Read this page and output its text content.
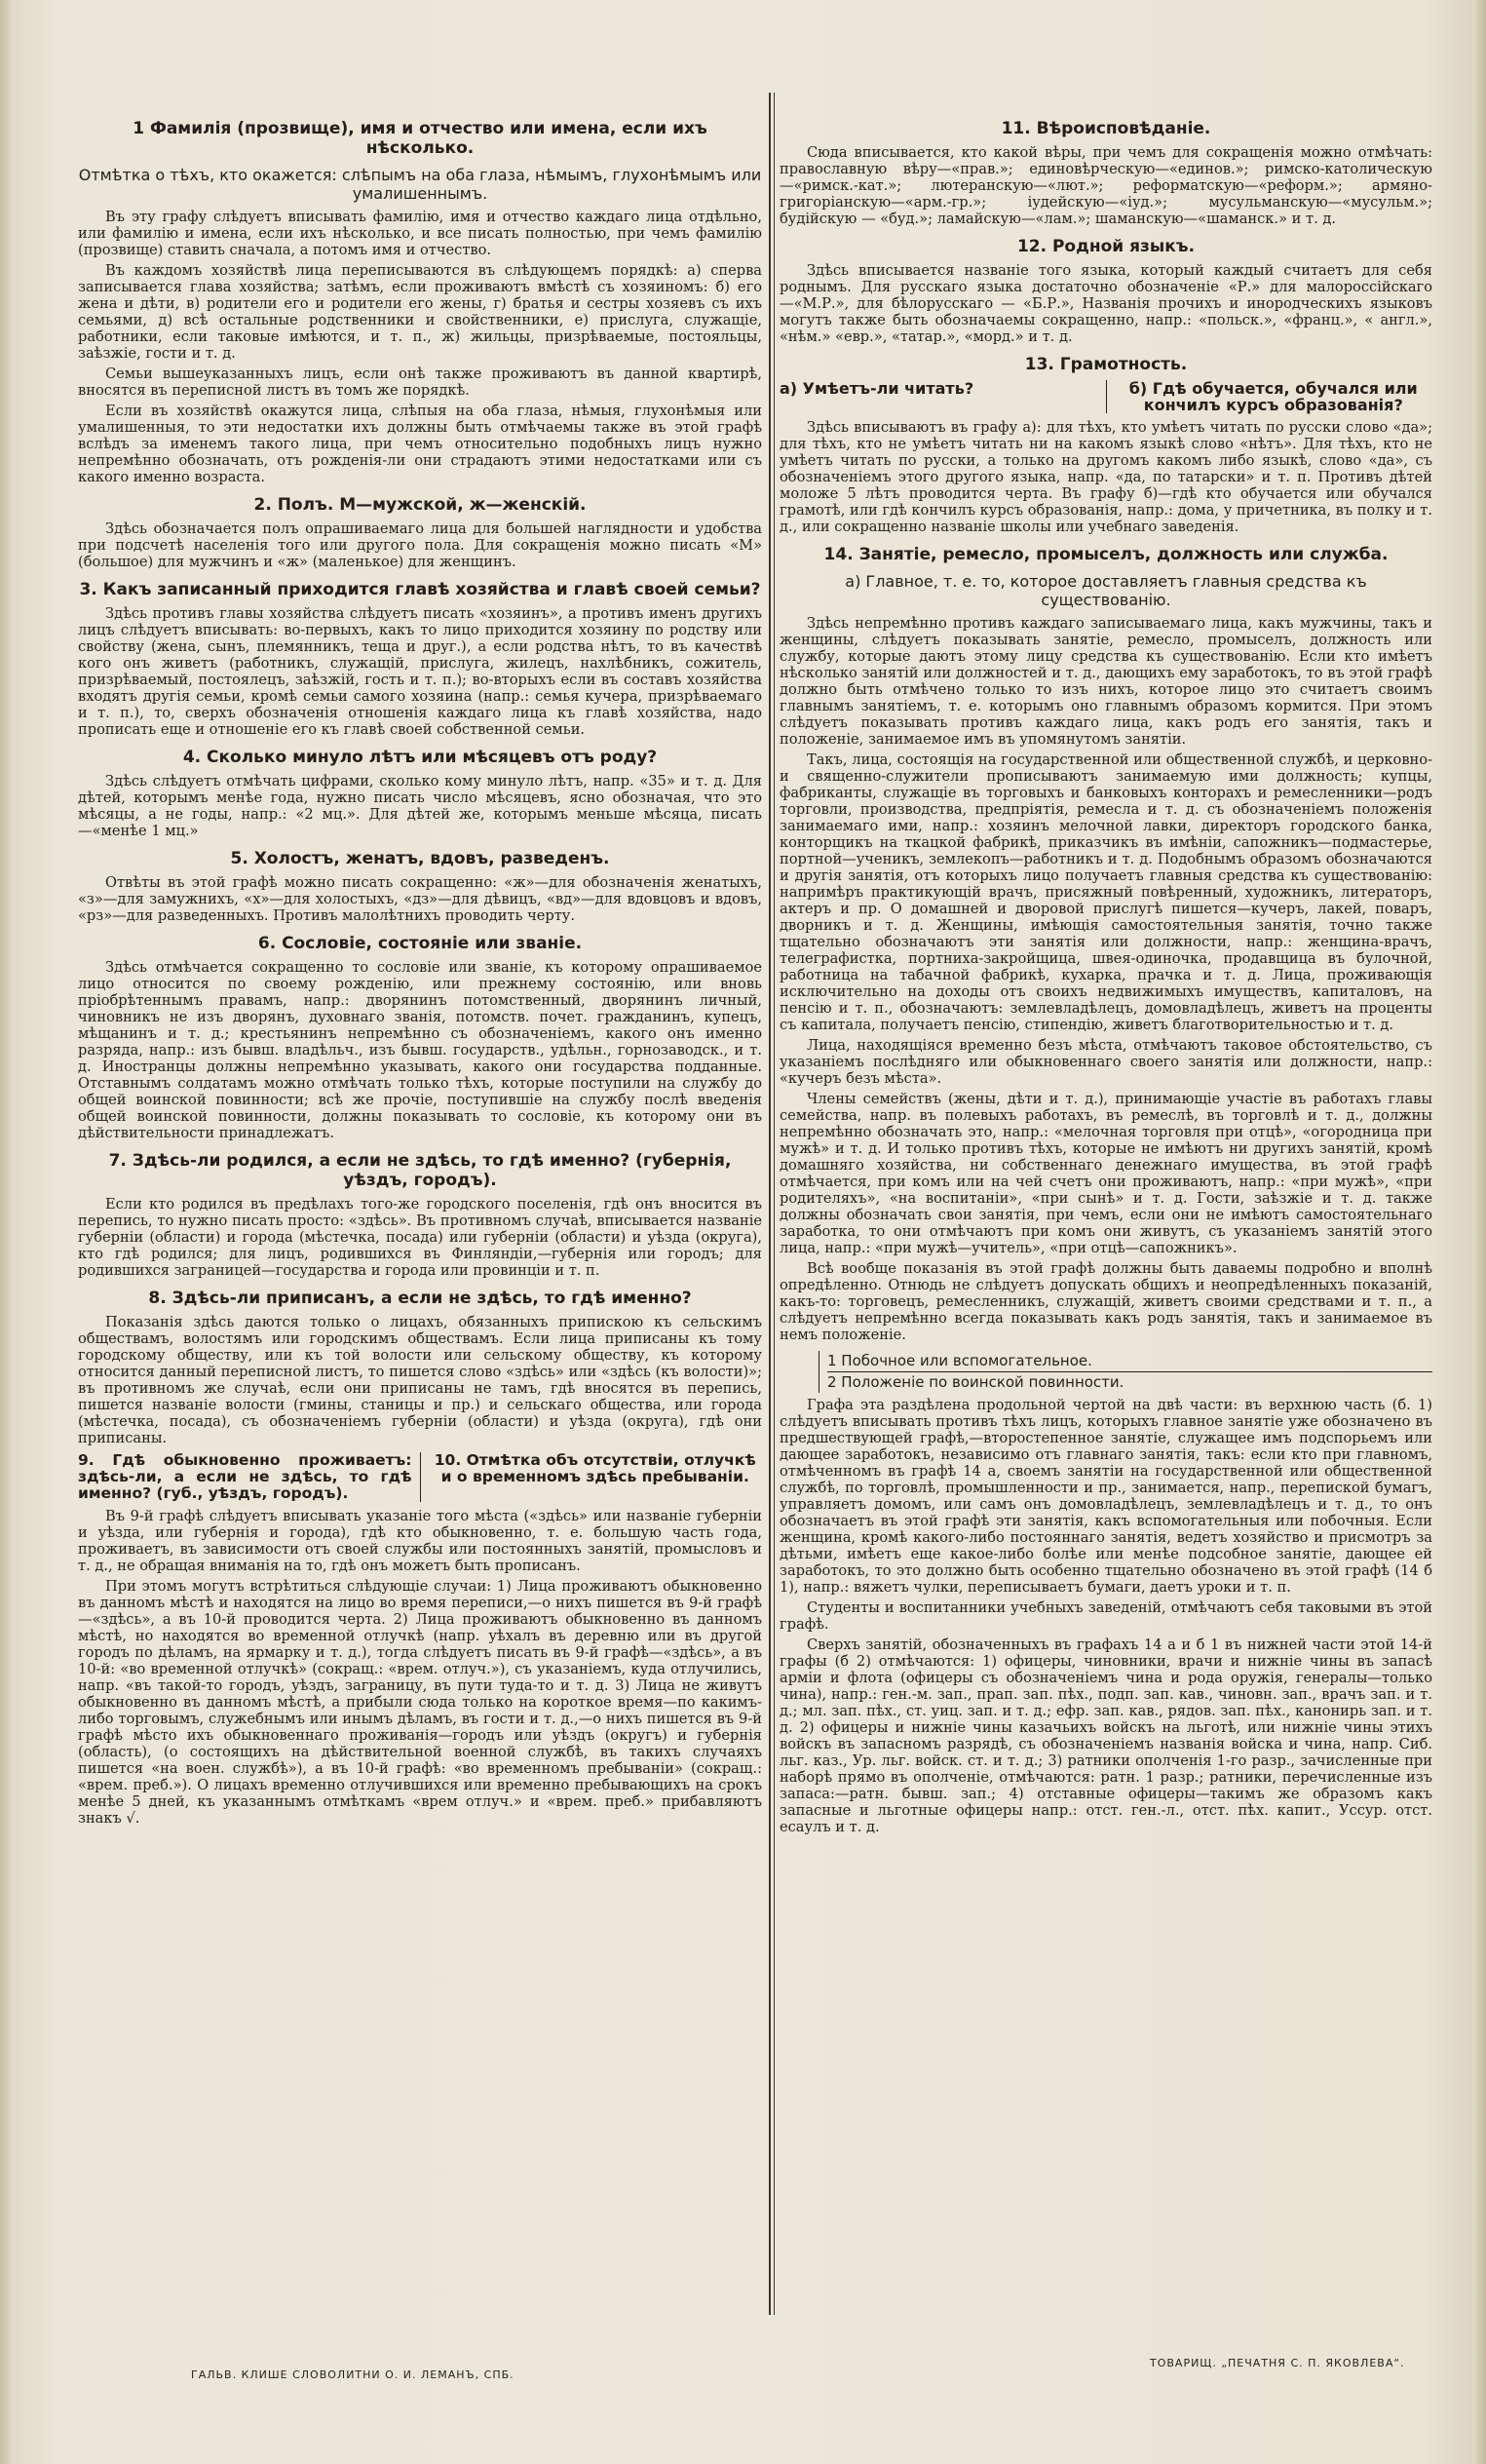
1 Фамилія (прозвище), имя и отчество или имена, если ихъ нѣсколько.
Отмѣтка о тѣхъ, кто окажется: слѣпымъ на оба глаза, нѣмымъ, глухонѣмымъ или умалишеннымъ.

Въ эту графу слѣдуетъ вписывать фамилію, имя и отчество каждаго лица отдѣльно, или фамилію и имена, если ихъ нѣсколько, и все писать полностью, при чемъ фамилію (прозвище) ставить сначала, а потомъ имя и отчество.

Въ каждомъ хозяйствѣ лица переписываются въ слѣдующемъ порядкѣ: а) сперва записывается глава хозяйства; затѣмъ, если проживаютъ вмѣстѣ съ хозяиномъ: б) его жена и дѣти, в) родители его и родители его жены, г) братья и сестры хозяевъ съ ихъ семьями, д) всѣ остальные родственники и свойственники, е) прислуга, служащіе, работники, если таковые имѣются, и т. п., ж) жильцы, призрѣваемые, постояльцы, заѣзжіе, гости и т. д.

Семьи вышеуказанныхъ лицъ, если онѣ также проживаютъ въ данной квартирѣ, вносятся въ переписной листъ въ томъ же порядкѣ.

Если въ хозяйствѣ окажутся лица, слѣпыя на оба глаза, нѣмыя, глухонѣмыя или умалишенныя, то эти недостатки ихъ должны быть отмѣчаемы также въ этой графѣ вслѣдъ за именемъ такого лица, при чемъ относительно подобныхъ лицъ нужно непремѣнно обозначать, отъ рожденія-ли они страдаютъ этими недостатками или съ какого именно возраста.

2. Полъ. М—мужской, ж—женскій.

Здѣсь обозначается полъ опрашиваемаго лица для большей наглядности и удобства при подсчетѣ населенія того или другого пола. Для сокращенія можно писать «М» (большое) для мужчинъ и «ж» (маленькое) для женщинъ.

3. Какъ записанный приходится главѣ хозяйства и главѣ своей семьи?

Здѣсь противъ главы хозяйства слѣдуетъ писать «хозяинъ», а противъ именъ другихъ лицъ слѣдуетъ вписывать: во-первыхъ, какъ то лицо приходится хозяину по родству или свойству (жена, сынъ, племянникъ, теща и друг.), а если родства нѣтъ, то въ качествѣ кого онъ живетъ (работникъ, служащій, прислуга, жилецъ, нахлѣбникъ, сожитель, призрѣваемый, постоялецъ, заѣзжій, гость и т. п.); во-вторыхъ если въ составъ хозяйства входятъ другія семьи, кромѣ семьи самого хозяина (напр.: семья кучера, призрѣваемаго и т. п.), то, сверхъ обозначенія отношенія каждаго лица къ главѣ хозяйства, надо прописать еще и отношеніе его къ главѣ своей собственной семьи.

4. Сколько минуло лѣтъ или мѣсяцевъ отъ роду?

Здѣсь слѣдуетъ отмѣчать цифрами, сколько кому минуло лѣтъ, напр. «35» и т. д. Для дѣтей, которымъ менѣе года, нужно писать число мѣсяцевъ, ясно обозначая, что это мѣсяцы, а не годы, напр.: «2 мц.». Для дѣтей же, которымъ меньше мѣсяца, писать—«менѣе 1 мц.»

5. Холостъ, женатъ, вдовъ, разведенъ.

Отвѣты въ этой графѣ можно писать сокращенно: «ж»—для обозначенія женатыхъ, «з»—для замужнихъ, «х»—для холостыхъ, «дз»—для дѣвицъ, «вд»—для вдовцовъ и вдовъ, «рз»—для разведенныхъ. Противъ малолѣтнихъ проводить черту.

6. Сословіе, состояніе или званіе.

Здѣсь отмѣчается сокращенно то сословіе или званіе, къ которому опрашиваемое лицо относится по своему рожденію, или прежнему состоянію, или вновь пріобрѣтеннымъ правамъ, напр.: дворянинъ потомственный, дворянинъ личный, чиновникъ не изъ дворянъ, духовнаго званія, потомств. почет. гражданинъ, купецъ, мѣщанинъ и т. д.; крестьянинъ непремѣнно съ обозначеніемъ, какого онъ именно разряда, напр.: изъ бывш. владѣльч., изъ бывш. государств., удѣльн., горнозаводск., и т. д. Иностранцы должны непремѣнно указывать, какого они государства подданные. Отставнымъ солдатамъ можно отмѣчать только тѣхъ, которые поступили на службу до общей воинской повинности; всѣ же прочіе, поступившіе на службу послѣ введенія общей воинской повинности, должны показывать то сословіе, къ которому они въ дѣйствительности принадлежатъ.

7. Здѣсь-ли родился, а если не здѣсь, то гдѣ именно? (губернія, уѣздъ, городъ).

Если кто родился въ предѣлахъ того-же городского поселенія, гдѣ онъ вносится въ перепись, то нужно писать просто: «здѣсь». Въ противномъ случаѣ, вписывается названіе губерніи (области) и города (мѣстечка, посада) или губерніи (области) и уѣзда (округа), кто гдѣ родился; для лицъ, родившихся въ Финляндіи,—губернія или городъ; для родившихся заграницей—государства и города или провинціи и т. п.

8. Здѣсь-ли приписанъ, а если не здѣсь, то гдѣ именно?

Показанія здѣсь даются только о лицахъ, обязанныхъ припискою къ сельскимъ обществамъ, волостямъ или городскимъ обществамъ. Если лица приписаны къ тому городскому обществу, или къ той волости или сельскому обществу, къ которому относится данный переписной листъ, то пишется слово «здѣсь» или «здѣсь (къ волости)»; въ противномъ же случаѣ, если они приписаны не тамъ, гдѣ вносятся въ перепись, пишется названіе волости (гмины, станицы и пр.) и сельскаго общества, или города (мѣстечка, посада), съ обозначеніемъ губерніи (области) и уѣзда (округа), гдѣ они приписаны.

9. Гдѣ обыкновенно проживаетъ: здѣсь-ли, а если не здѣсь, то гдѣ именно? (губ., уѣздъ, городъ).
10. Отмѣтка объ отсутствіи, отлучкѣ и о временномъ здѣсь пребываніи.

Въ 9-й графѣ слѣдуетъ вписывать указаніе того мѣста («здѣсь» или названіе губерніи и уѣзда, или губернія и города), гдѣ кто обыкновенно, т. е. большую часть года, проживаетъ, въ зависимости отъ своей службы или постоянныхъ занятій, промысловъ и т. д., не обращая вниманія на то, гдѣ онъ можетъ быть прописанъ.

При этомъ могутъ встрѣтиться слѣдующіе случаи: 1) Лица проживаютъ обыкновенно въ данномъ мѣстѣ и находятся на лицо во время переписи,—о нихъ пишется въ 9-й графѣ—«здѣсь», а въ 10-й проводится черта. 2) Лица проживаютъ обыкновенно въ данномъ мѣстѣ, но находятся во временной отлучкѣ (напр. уѣхалъ въ деревню или въ другой городъ по дѣламъ, на ярмарку и т. д.), тогда слѣдуетъ писать въ 9-й графѣ—«здѣсь», а въ 10-й: «во временной отлучкѣ» (сокращ.: «врем. отлуч.»), съ указаніемъ, куда отлучились, напр. «въ такой-то городъ, уѣздъ, заграницу, въ пути туда-то и т. д. 3) Лица не живутъ обыкновенно въ данномъ мѣстѣ, а прибыли сюда только на короткое время—по какимъ-либо торговымъ, служебнымъ или инымъ дѣламъ, въ гости и т. д.,—о нихъ пишется въ 9-й графѣ мѣсто ихъ обыкновеннаго проживанія—городъ или уѣздъ (округъ) и губернія (область), (о состоящихъ на дѣйствительной военной службѣ, въ такихъ случаяхъ пишется «на воен. службѣ»), а въ 10-й графѣ: «во временномъ пребываніи» (сокращ.: «врем. преб.»). О лицахъ временно отлучившихся или временно пребывающихъ на срокъ менѣе 5 дней, къ указаннымъ отмѣткамъ «врем отлуч.» и «врем. преб.» прибавляютъ знакъ √.

11. Вѣроисповѣданіе.

Сюда вписывается, кто какой вѣры, при чемъ для сокращенія можно отмѣчать: православную вѣру—«прав.»; единовѣрческую—«единов.»; римско-католическую—«римск.-кат.»; лютеранскую—«лют.»; реформатскую—«реформ.»; армяно-григоріанскую—«арм.-гр.»; іудейскую—«іуд.»; мусульманскую—«мусульм.»; будійскую — «буд.»; ламайскую—«лам.»; шаманскую—«шаманск.» и т. д.

12. Родной языкъ.

Здѣсь вписывается названіе того языка, который каждый считаетъ для себя роднымъ. Для русскаго языка достаточно обозначеніе «Р.» для малороссійскаго—«М.Р.», для бѣлорусскаго — «Б.Р.», Названія прочихъ и инородческихъ языковъ могутъ также быть обозначаемы сокращенно, напр.: «польск.», «франц.», « англ.», «нѣм.» «евр.», «татар.», «морд.» и т. д.

13. Грамотность.
а) Умѣетъ-ли читать?	б) Гдѣ обучается, обучался или кончилъ курсъ образованія?

Здѣсь вписываютъ въ графу а): для тѣхъ, кто умѣетъ читать по русски слово «да»; для тѣхъ, кто не умѣетъ читать ни на какомъ языкѣ слово «нѣтъ». Для тѣхъ, кто не умѣетъ читать по русски, а только на другомъ какомъ либо языкѣ, слово «да», съ обозначеніемъ этого другого языка, напр. «да, по татарски» и т. п. Противъ дѣтей моложе 5 лѣтъ проводится черта. Въ графу б)—гдѣ кто обучается или обучался грамотѣ, или гдѣ кончилъ курсъ образованія, напр.: дома, у причетника, въ полку и т. д., или сокращенно названіе школы или учебнаго заведенія.

14. Занятіе, ремесло, промыселъ, должность или служба.
а) Главное, т. е. то, которое доставляетъ главныя средства къ существованію.

Здѣсь непремѣнно противъ каждаго записываемаго лица, какъ мужчины, такъ и женщины, слѣдуетъ показывать занятіе, ремесло, промыселъ, должность или службу, которые даютъ этому лицу средства къ существованію. Если кто имѣетъ нѣсколько занятій или должностей и т. д., дающихъ ему заработокъ, то въ этой графѣ должно быть отмѣчено только то изъ нихъ, которое лицо это считаетъ своимъ главнымъ занятіемъ, т. е. которымъ оно главнымъ образомъ кормится. При этомъ слѣдуетъ показывать противъ каждаго лица, какъ родъ его занятія, такъ и положеніе, занимаемое имъ въ упомянутомъ занятіи.

Такъ, лица, состоящія на государственной или общественной службѣ, и церковно-и священно-служители прописываютъ занимаемую ими должность; купцы, фабриканты, служащіе въ торговыхъ и банковыхъ конторахъ и ремесленники—родъ торговли, производства, предпріятія, ремесла и т. д. съ обозначеніемъ положенія занимаемаго ими, напр.: хозяинъ мелочной лавки, директоръ городского банка, конторщикъ на ткацкой фабрикѣ, приказчикъ въ имѣніи, сапожникъ—подмастерье, портной—ученикъ, землекопъ—работникъ и т. д. Подобнымъ образомъ обозначаются и другія занятія, отъ которыхъ лицо получаетъ главныя средства къ существованію: напримѣръ практикующій врачъ, присяжный повѣренный, художникъ, литераторъ, актеръ и пр. О домашней и дворовой прислугѣ пишется—кучеръ, лакей, поваръ, дворникъ и т. д. Женщины, имѣющія самостоятельныя занятія, точно также тщательно обозначаютъ эти занятія или должности, напр.: женщина-врачъ, телеграфистка, портниха-закройщица, швея-одиночка, продавщица въ булочной, работница на табачной фабрикѣ, кухарка, прачка и т. д. Лица, проживающія исключительно на доходы отъ своихъ недвижимыхъ имуществъ, капиталовъ, на пенсію и т. п., обозначаютъ: землевладѣлецъ, домовладѣлецъ, живетъ на проценты съ капитала, получаетъ пенсію, стипендію, живетъ благотворительностью и т. д.

Лица, находящіяся временно безъ мѣста, отмѣчаютъ таковое обстоятельство, съ указаніемъ послѣдняго или обыкновеннаго своего занятія или должности, напр.: «кучеръ безъ мѣста».

Члены семействъ (жены, дѣти и т. д.), принимающіе участіе въ работахъ главы семейства, напр. въ полевыхъ работахъ, въ ремеслѣ, въ торговлѣ и т. д., должны непремѣнно обозначать это, напр.: «мелочная торговля при отцѣ», «огородница при мужѣ» и т. д. И только противъ тѣхъ, которые не имѣютъ ни другихъ занятій, кромѣ домашняго хозяйства, ни собственнаго денежнаго имущества, въ этой графѣ отмѣчается, при комъ или на чей счетъ они проживаютъ, напр.: «при мужѣ», «при родителяхъ», «на воспитаніи», «при сынѣ» и т. д. Гости, заѣзжіе и т. д. также должны обозначать свои занятія, при чемъ, если они не имѣютъ самостоятельнаго заработка, то они отмѣчаютъ при комъ они живутъ, съ указаніемъ занятій этого лица, напр.: «при мужѣ—учитель», «при отцѣ—сапожникъ».

Всѣ вообще показанія въ этой графѣ должны быть даваемы подробно и вполнѣ опредѣленно. Отнюдь не слѣдуетъ допускать общихъ и неопредѣленныхъ показаній, какъ-то: торговецъ, ремесленникъ, служащій, живетъ своими средствами и т. п., а слѣдуетъ непремѣнно всегда показывать какъ родъ занятія, такъ и занимаемое въ немъ положеніе.

1 Побочное или вспомогательное.
2 Положеніе по воинской повинности.

Графа эта раздѣлена продольной чертой на двѣ части: въ верхнюю часть (б. 1) слѣдуетъ вписывать противъ тѣхъ лицъ, которыхъ главное занятіе уже обозначено въ предшествующей графѣ,—второстепенное занятіе, служащее имъ подспорьемъ или дающее заработокъ, независимо отъ главнаго занятія, такъ: если кто при главномъ, отмѣченномъ въ графѣ 14 а, своемъ занятіи на государственной или общественной службѣ, по торговлѣ, промышленности и пр., занимается, напр., перепиской бумагъ, управляетъ домомъ, или самъ онъ домовладѣлецъ, землевладѣлецъ и т. д., то онъ обозначаетъ въ этой графѣ эти занятія, какъ вспомогательныя или побочныя. Если женщина, кромѣ какого-либо постояннаго занятія, ведетъ хозяйство и присмотръ за дѣтьми, имѣетъ еще какое-либо болѣе или менѣе подсобное занятіе, дающее ей заработокъ, то это должно быть особенно тщательно обозначено въ этой графѣ (14 б 1), напр.: вяжетъ чулки, переписываетъ бумаги, даетъ уроки и т. п.

Студенты и воспитанники учебныхъ заведеній, отмѣчаютъ себя таковыми въ этой графѣ.

Сверхъ занятій, обозначенныхъ въ графахъ 14 а и б 1 въ нижней части этой 14-й графы (б 2) отмѣчаются: 1) офицеры, чиновники, врачи и нижніе чины въ запасѣ арміи и флота (офицеры съ обозначеніемъ чина и рода оружія, генералы—только чина), напр.: ген.-м. зап., прап. зап. пѣх., подп. зап. кав., чиновн. зап., врачъ зап. и т. д.; мл. зап. пѣх., ст. уиц. зап. и т. д.; ефр. зап. кав., рядов. зап. пѣх., канонирь зап. и т. д. 2) офицеры и нижніе чины казачьихъ войскъ на льготѣ, или нижніе чины этихъ войскъ въ запасномъ разрядѣ, съ обозначеніемъ названія войска и чина, напр. Сиб. льг. каз., Ур. льг. войск. ст. и т. д.; 3) ратники ополченія 1-го разр., зачисленные при наборѣ прямо въ ополченіе, отмѣчаются: ратн. 1 разр.; ратники, перечисленные изъ запаса:—ратн. бывш. зап.; 4) отставные офицеры—такимъ же образомъ какъ запасные и льготные офицеры напр.: отст. ген.-л., отст. пѣх. капит., Уссур. отст. есаулъ и т. д.

ГАЛЬВ. КЛИШЕ СЛОВОЛИТНИ О. И. ЛЕМАНЪ, СПБ.
ТОВАРИЩ. „ПЕЧАТНЯ С. П. ЯКОВЛЕВА“.
